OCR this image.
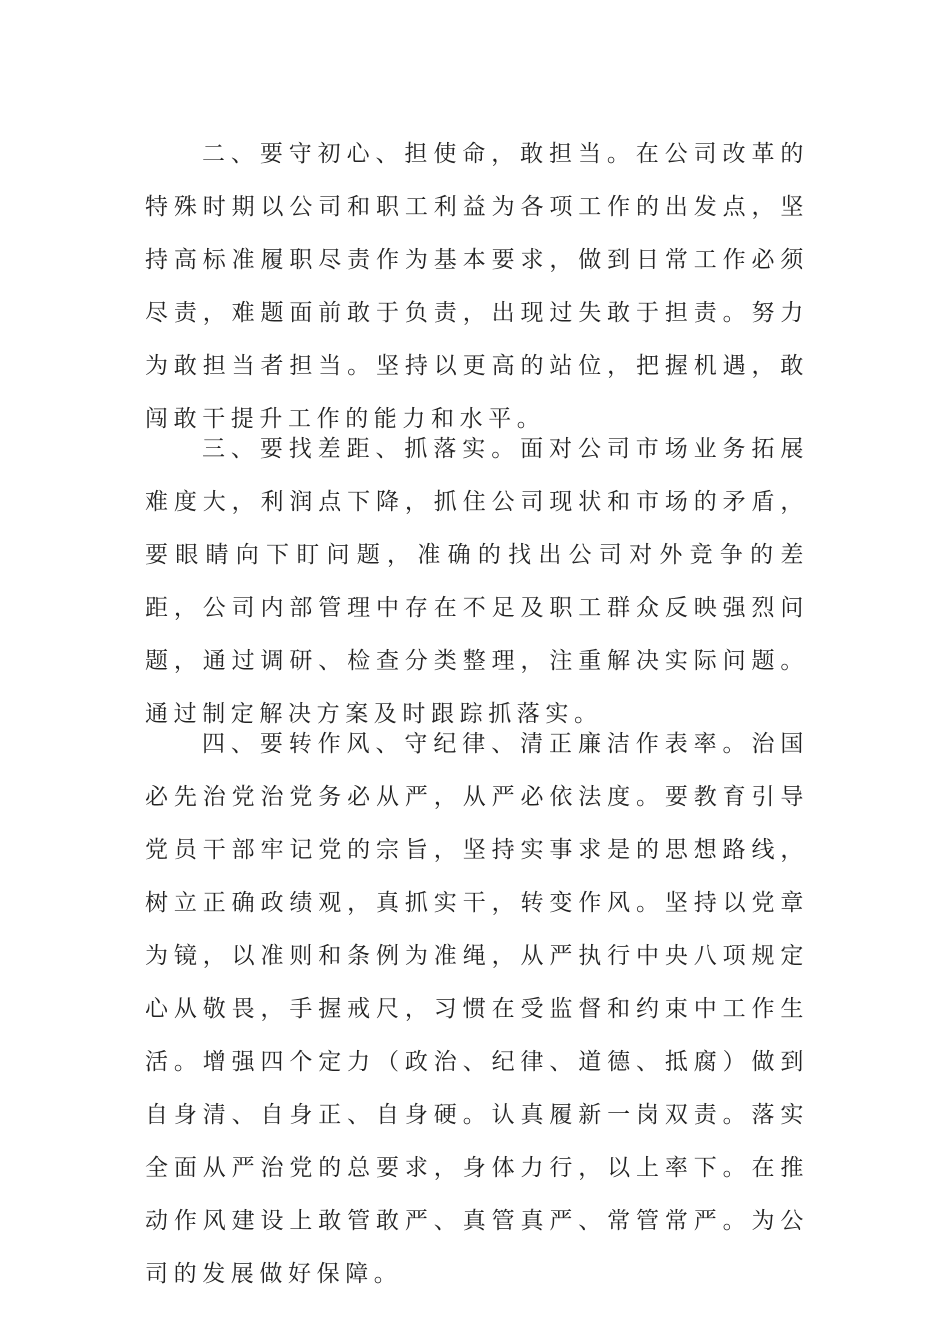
二、要守初心、担使命，敢担当。在公司改革的特殊时期以公司和职工利益为各项工作的出发点，坚持高标准履职尽责作为基本要求，做到日常工作必须尽责，难题面前敢于负责，出现过失敢于担责。努力为敢担当者担当。坚持以更高的站位，把握机遇，敢闯敢干提升工作的能力和水平。

三、要找差距、抓落实。面对公司市场业务拓展难度大，利润点下降，抓住公司现状和市场的矛盾，要眼睛向下盯问题，准确的找出公司对外竞争的差距，公司内部管理中存在不足及职工群众反映强烈问题，通过调研、检查分类整理，注重解决实际问题。通过制定解决方案及时跟踪抓落实。

四、要转作风、守纪律、清正廉洁作表率。治国必先治党治党务必从严，从严必依法度。要教育引导党员干部牢记党的宗旨，坚持实事求是的思想路线，树立正确政绩观，真抓实干，转变作风。坚持以党章为镜，以准则和条例为准绳，从严执行中央八项规定心从敬畏，手握戒尺，习惯在受监督和约束中工作生活。增强四个定力（政治、纪律、道德、抵腐）做到自身清、自身正、自身硬。认真履新一岗双责。落实全面从严治党的总要求，身体力行，以上率下。在推动作风建设上敢管敢严、真管真严、常管常严。为公司的发展做好保障。
